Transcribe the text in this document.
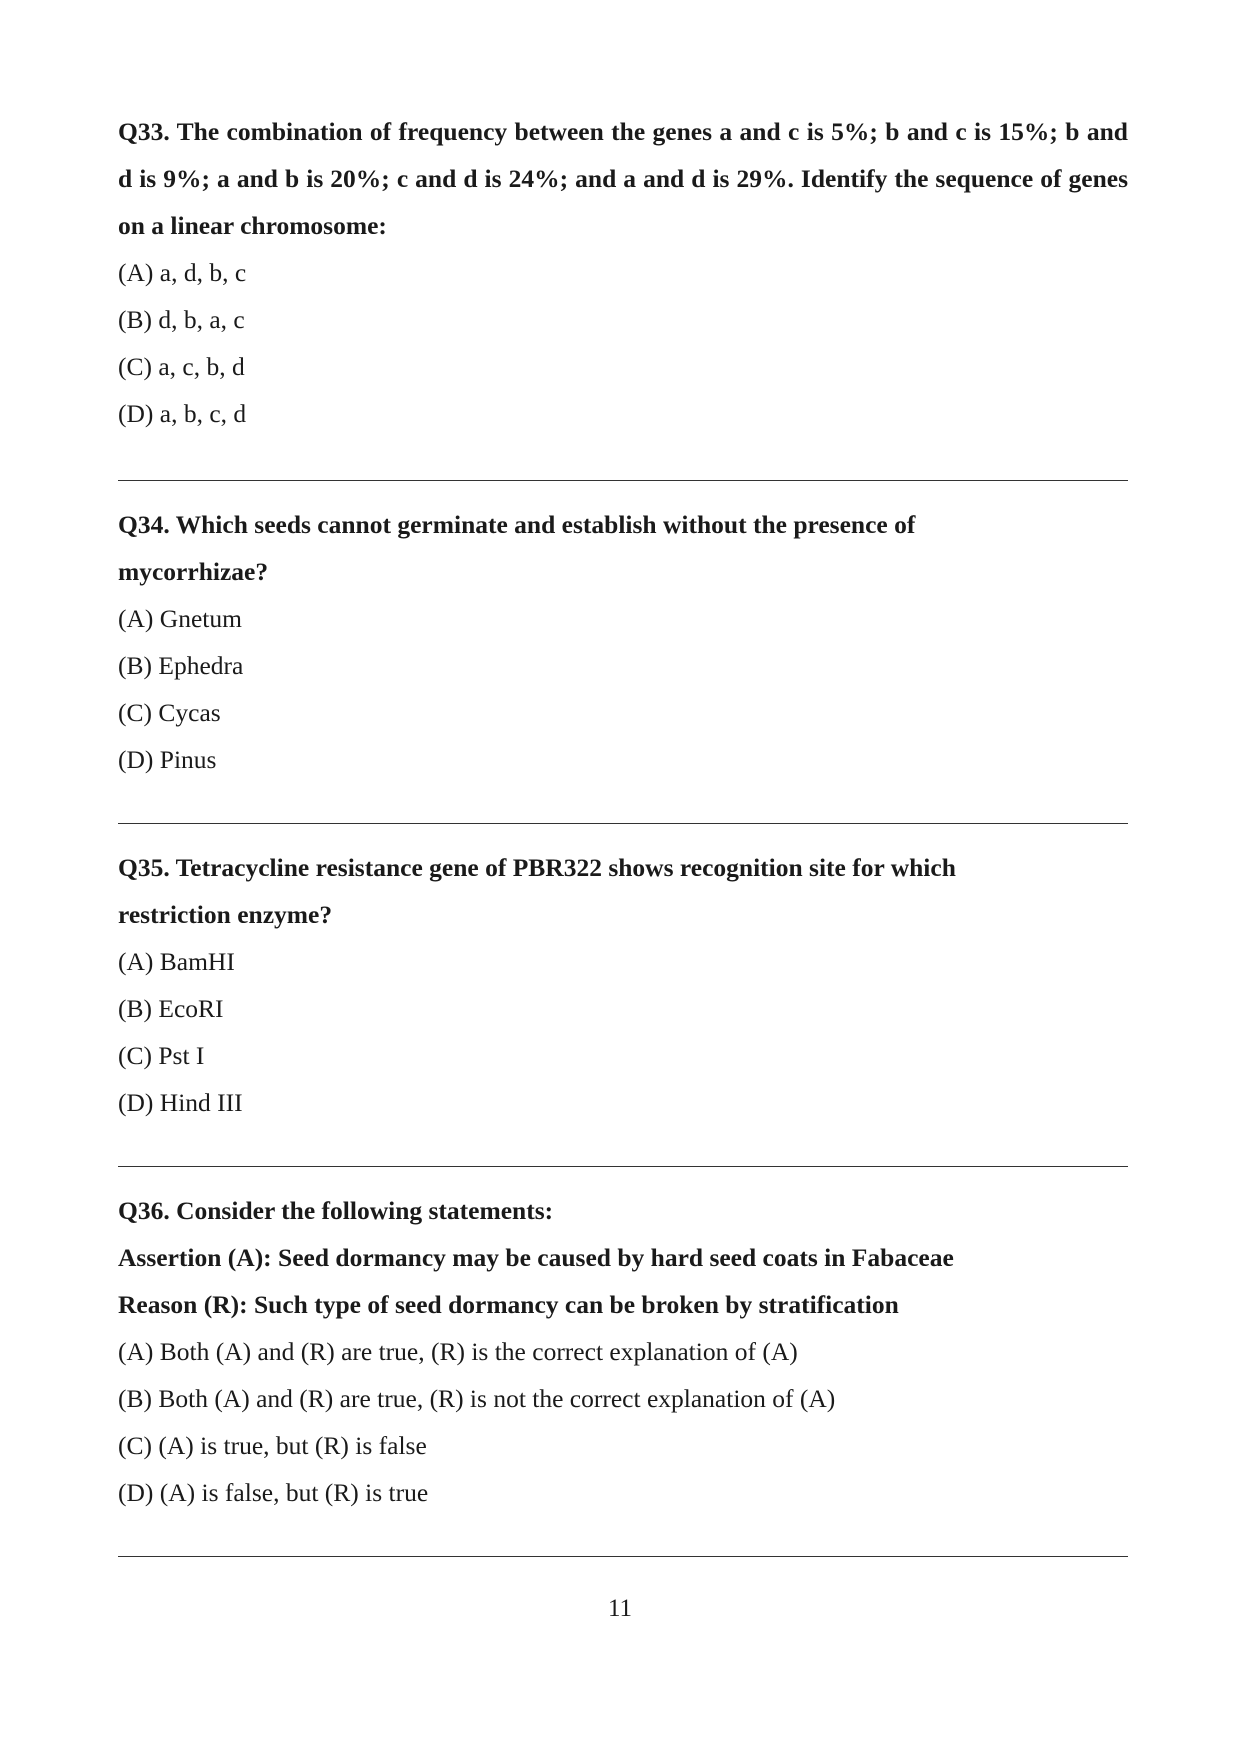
Q33. The combination of frequency between the genes a and c is 5%; b and c is 15%; b and d is 9%; a and b is 20%; c and d is 24%; and a and d is 29%. Identify the sequence of genes on a linear chromosome:

(A) a, d, b, c

(B) d, b, a, c

(C) a, c, b, d

(D) a, b, c, d

Q34. Which seeds cannot germinate and establish without the presence of mycorrhizae?

(A) Gnetum

(B) Ephedra

(C) Cycas

(D) Pinus

Q35. Tetracycline resistance gene of PBR322 shows recognition site for which restriction enzyme?

(A) BamHI

(B) EcoRI

(C) Pst I

(D) Hind III

Q36. Consider the following statements:

Assertion (A): Seed dormancy may be caused by hard seed coats in Fabaceae

Reason (R): Such type of seed dormancy can be broken by stratification

(A) Both (A) and (R) are true, (R) is the correct explanation of (A)

(B) Both (A) and (R) are true, (R) is not the correct explanation of (A)

(C) (A) is true, but (R) is false

(D) (A) is false, but (R) is true

11
